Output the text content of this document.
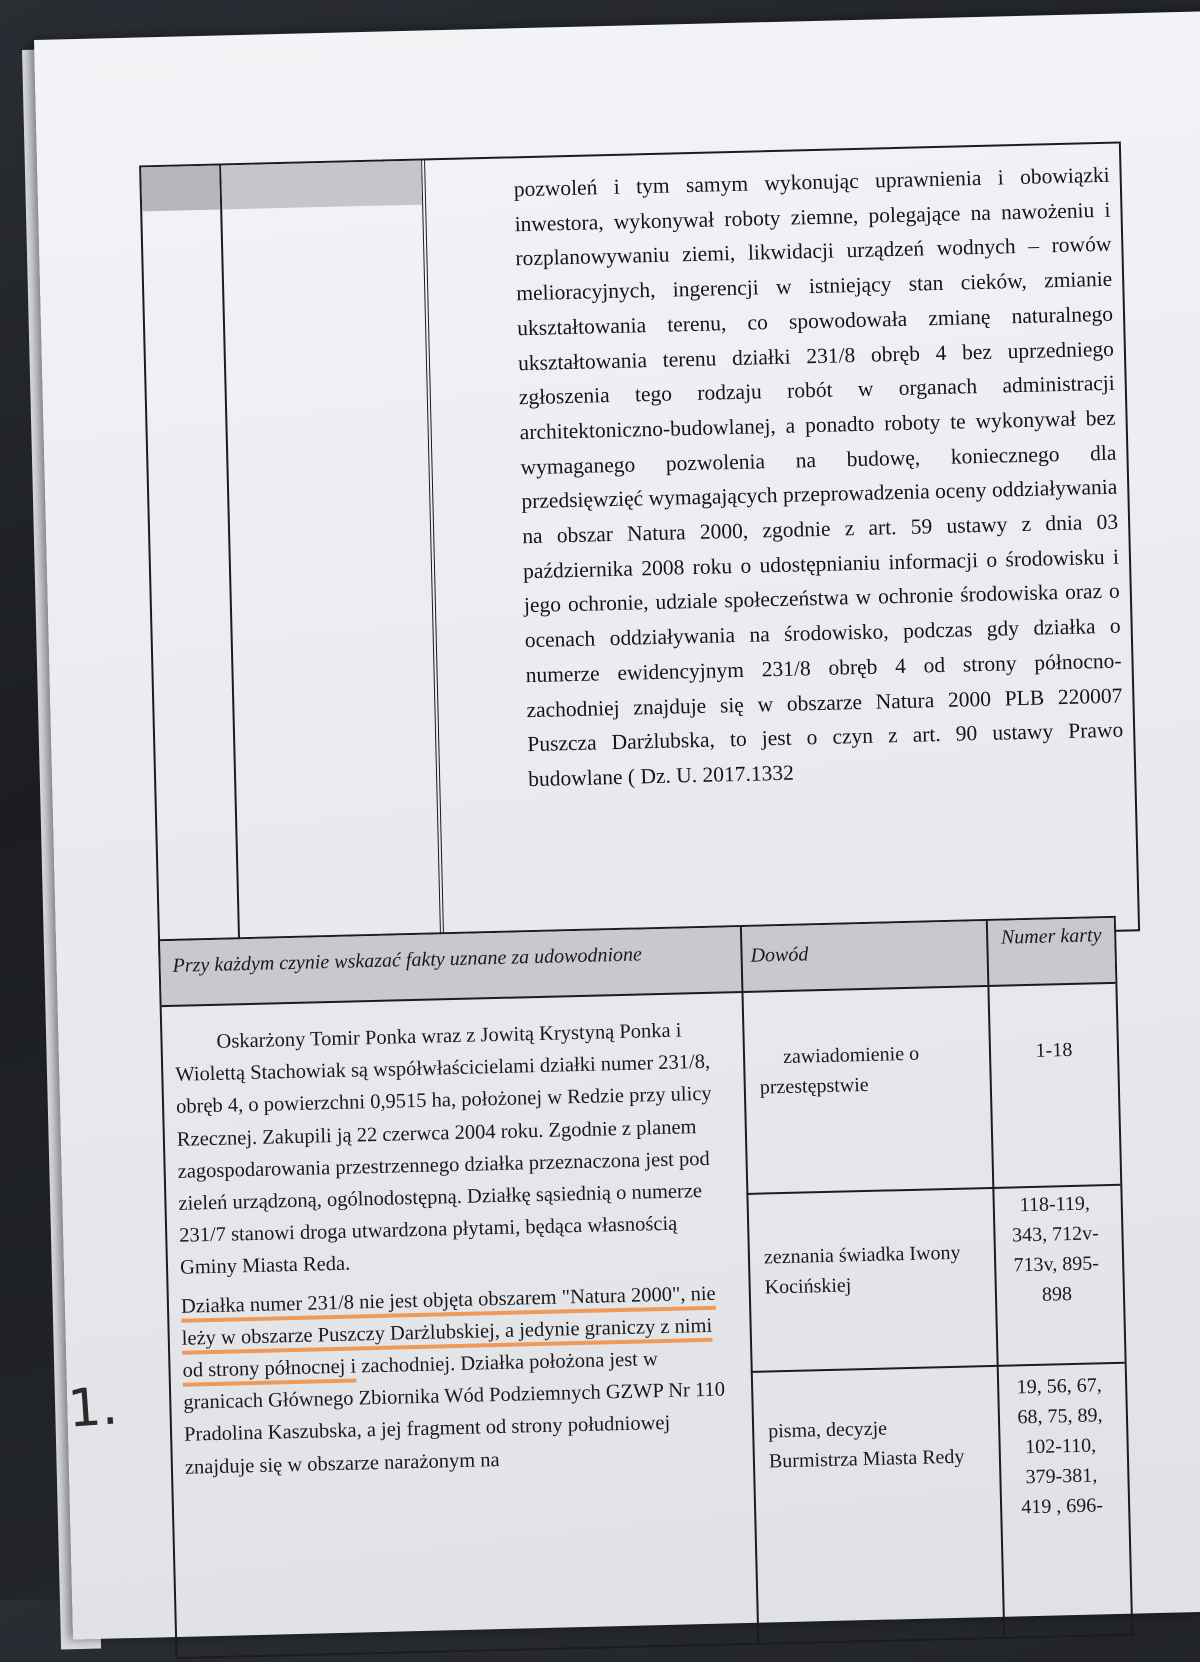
pozwoleń i tym samym wykonując uprawnienia i obowiązki inwestora, wykonywał roboty ziemne, polegające na nawożeniu i rozplanowywaniu ziemi, likwidacji urządzeń wodnych – rowów melioracyjnych, ingerencji w istniejący stan cieków, zmianie ukształtowania terenu, co spowodowała zmianę naturalnego ukształtowania terenu działki 231/8 obręb 4 bez uprzedniego zgłoszenia tego rodzaju robót w organach administracji architektoniczno-budowlanej, a ponadto roboty te wykonywał bez wymaganego pozwolenia na budowę, koniecznego dla przedsięwzięć wymagających przeprowadzenia oceny oddziaływania na obszar Natura 2000, zgodnie z art. 59 ustawy z dnia 03 października 2008 roku o udostępnianiu informacji o środowisku i jego ochronie, udziale społeczeństwa w ochronie środowiska oraz o ocenach oddziaływania na środowisko, podczas gdy działka o numerze ewidencyjnym 231/8 obręb 4 od strony północno-zachodniej znajduje się w obszarze Natura 2000 PLB 220007 Puszcza Darżlubska, to jest o czyn z art. 90 ustawy Prawo budowlane ( Dz. U. 2017.1332

Przy każdym czynie wskazać fakty uznane za udowodnione	Dowód
Numer karty

Oskarżony Tomir Ponka wraz z Jowitą Krystyną Ponka i Wiolettą Stachowiak są współwłaścicielami działki numer 231/8, obręb 4, o powierzchni 0,9515 ha, położonej w Redzie przy ulicy Rzecznej. Zakupili ją 22 czerwca 2004 roku. Zgodnie z planem zagospodarowania przestrzennego działka przeznaczona jest pod zieleń urządzoną, ogólnodostępną. Działkę sąsiednią o numerze 231/7 stanowi droga utwardzona płytami, będąca własnością Gminy Miasta Reda.

Działka numer 231/8 nie jest objęta obszarem "Natura 2000", nie leży w obszarze Puszczy Darżlubskiej, a jedynie graniczy z nimi od strony północnej i zachodniej. Działka położona jest w granicach Głównego Zbiornika Wód Podziemnych GZWP Nr 110 Pradolina Kaszubska, a jej fragment od strony południowej znajduje się w obszarze narażonym na

zawiadomienie o przestępstwie
1-18
zeznania świadka Iwony Kocińskiej
118-119, 343, 712v-713v, 895-898
pisma, decyzje Burmistrza Miasta Redy
19, 56, 67, 68, 75, 89, 102-110, 379-381, 419 , 696-
1.
